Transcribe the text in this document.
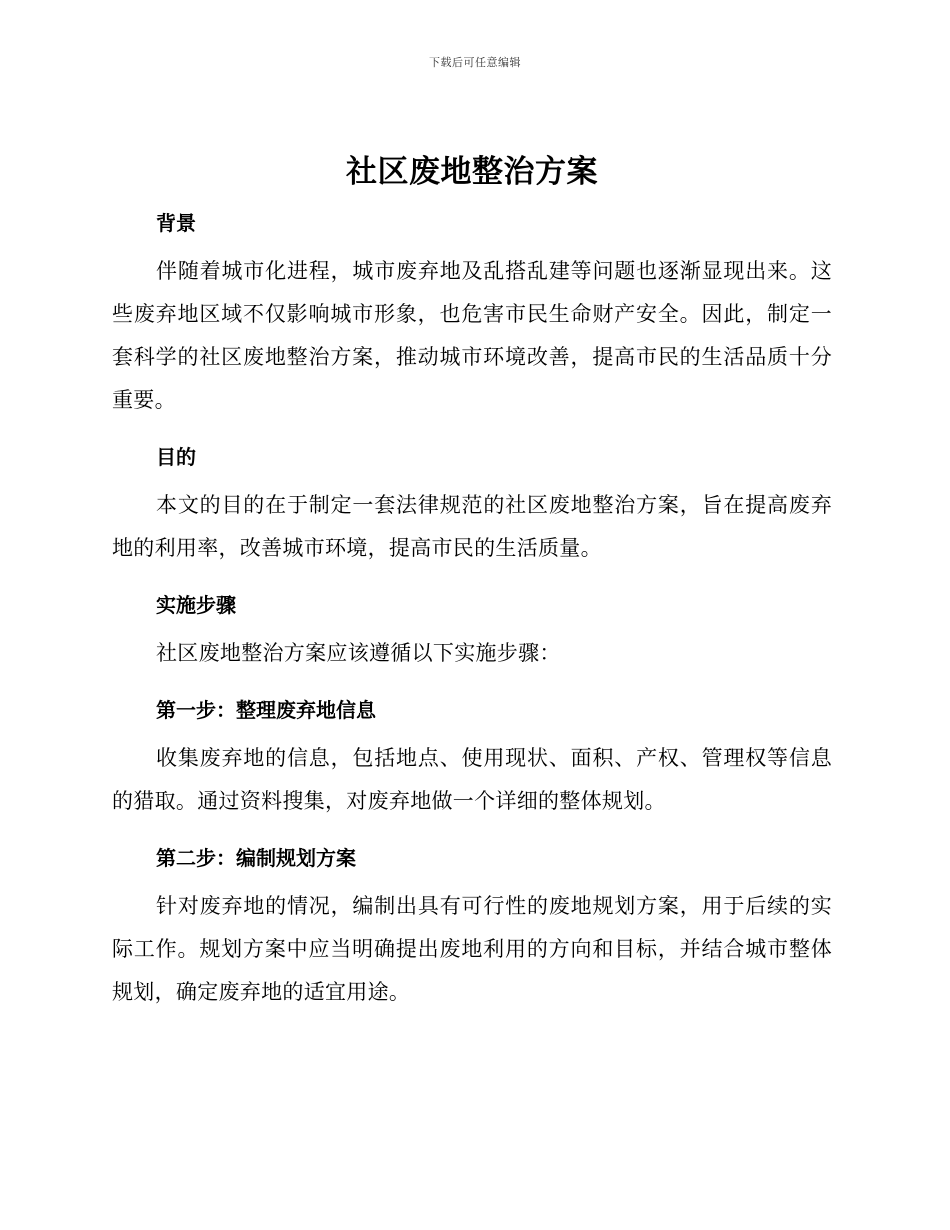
下载后可任意编辑
社区废地整治方案
背景

伴随着城市化进程，城市废弃地及乱搭乱建等问题也逐渐显现出来。这些废弃地区域不仅影响城市形象，也危害市民生命财产安全。因此，制定一套科学的社区废地整治方案，推动城市环境改善，提高市民的生活品质十分重要。

目的

本文的目的在于制定一套法律规范的社区废地整治方案，旨在提高废弃地的利用率，改善城市环境，提高市民的生活质量。

实施步骤

社区废地整治方案应该遵循以下实施步骤：

第一步：整理废弃地信息

收集废弃地的信息，包括地点、使用现状、面积、产权、管理权等信息的猎取。通过资料搜集，对废弃地做一个详细的整体规划。

第二步：编制规划方案

针对废弃地的情况，编制出具有可行性的废地规划方案，用于后续的实际工作。规划方案中应当明确提出废地利用的方向和目标，并结合城市整体规划，确定废弃地的适宜用途。
